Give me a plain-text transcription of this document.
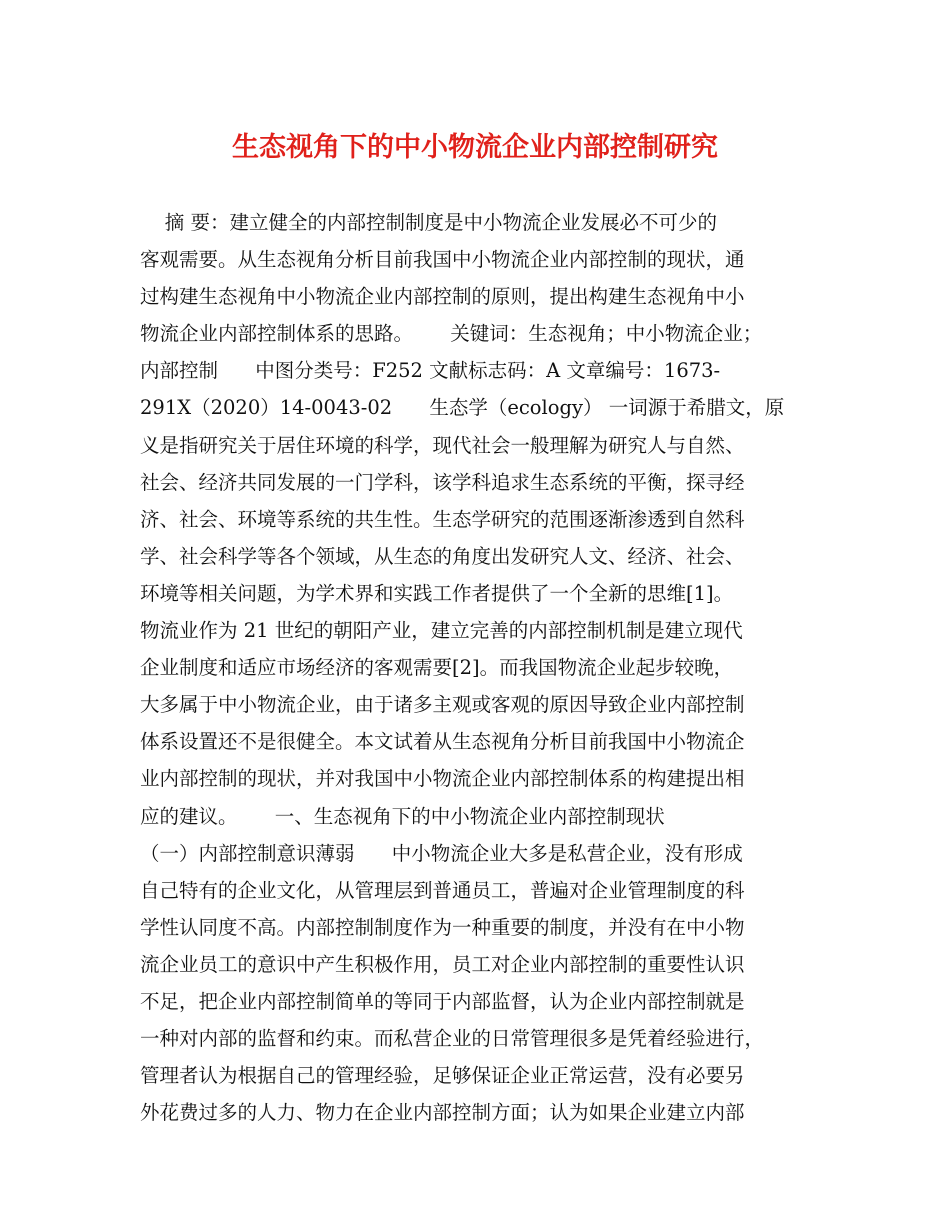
生态视角下的中小物流企业内部控制研究
摘 要：建立健全的内部控制制度是中小物流企业发展必不可少的
客观需要。从生态视角分析目前我国中小物流企业内部控制的现状，通
过构建生态视角中小物流企业内部控制的原则，提出构建生态视角中小
物流企业内部控制体系的思路。      关键词：生态视角；中小物流企业；
内部控制      中图分类号：F252 文献标志码：A 文章编号：1673-
291X（2020）14-0043-02      生态学（ecology） 一词源于希腊文，原
义是指研究关于居住环境的科学，现代社会一般理解为研究人与自然、
社会、经济共同发展的一门学科，该学科追求生态系统的平衡，探寻经
济、社会、环境等系统的共生性。生态学研究的范围逐渐渗透到自然科
学、社会科学等各个领域，从生态的角度出发研究人文、经济、社会、
环境等相关问题，为学术界和实践工作者提供了一个全新的思维[1]。
物流业作为 21 世纪的朝阳产业，建立完善的内部控制机制是建立现代
企业制度和适应市场经济的客观需要[2]。而我国物流企业起步较晚，
大多属于中小物流企业，由于诸多主观或客观的原因导致企业内部控制
体系设置还不是很健全。本文试着从生态视角分析目前我国中小物流企
业内部控制的现状，并对我国中小物流企业内部控制体系的构建提出相
应的建议。      一、生态视角下的中小物流企业内部控制现状
（一）内部控制意识薄弱      中小物流企业大多是私营企业，没有形成
自己特有的企业文化，从管理层到普通员工，普遍对企业管理制度的科
学性认同度不高。内部控制制度作为一种重要的制度，并没有在中小物
流企业员工的意识中产生积极作用，员工对企业内部控制的重要性认识
不足，把企业内部控制简单的等同于内部监督，认为企业内部控制就是
一种对内部的监督和约束。而私营企业的日常管理很多是凭着经验进行，
管理者认为根据自己的管理经验，足够保证企业正常运营，没有必要另
外花费过多的人力、物力在企业内部控制方面；认为如果企业建立内部
